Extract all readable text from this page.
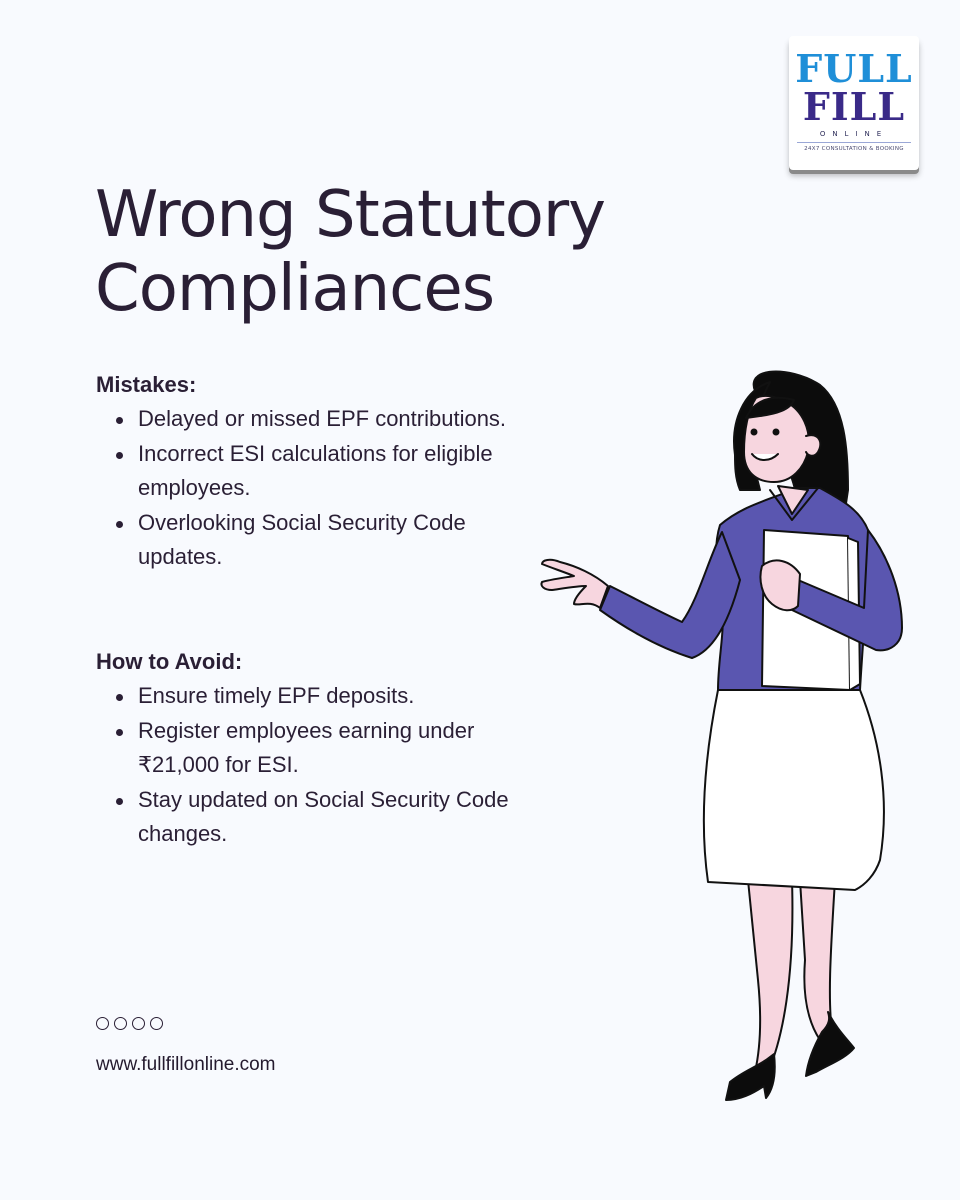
FULL
FILL
ONLINE
24X7 CONSULTATION & BOOKING
Wrong Statutory
Compliances
Mistakes:
Delayed or missed EPF contributions.
Incorrect ESI calculations for eligible employees.
Overlooking Social Security Code updates.
How to Avoid:
Ensure timely EPF deposits.
Register employees earning under ₹21,000 for ESI.
Stay updated on Social Security Code changes.
www.fullfillonline.com
